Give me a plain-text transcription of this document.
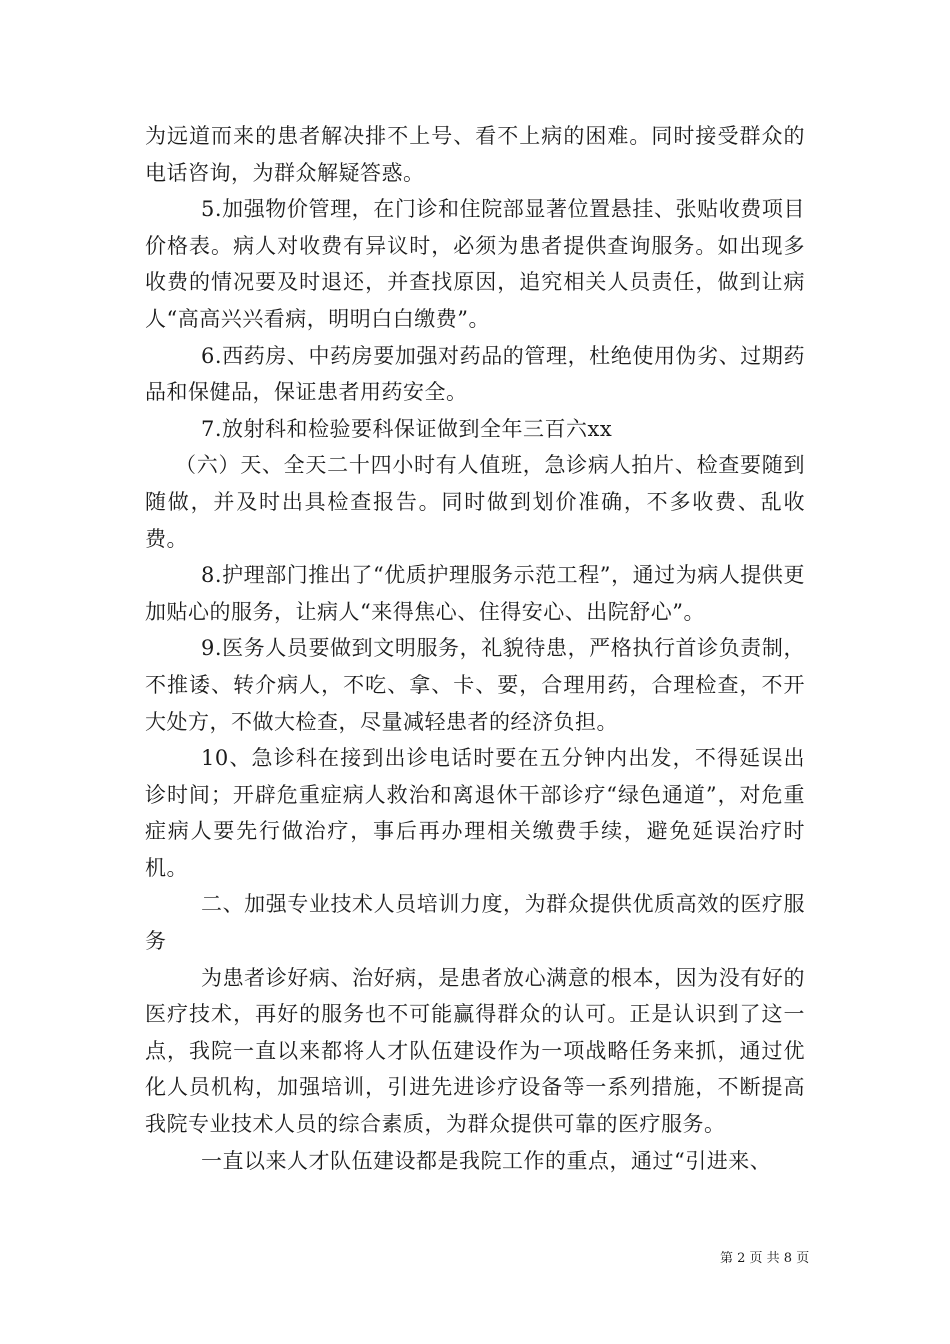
为远道而来的患者解决排不上号、看不上病的困难。同时接受群众的电话咨询，为群众解疑答惑。

5.加强物价管理，在门诊和住院部显著位置悬挂、张贴收费项目价格表。病人对收费有异议时，必须为患者提供查询服务。如出现多收费的情况要及时退还，并查找原因，追究相关人员责任，做到让病人“高高兴兴看病，明明白白缴费”。

6.西药房、中药房要加强对药品的管理，杜绝使用伪劣、过期药品和保健品，保证患者用药安全。

7.放射科和检验要科保证做到全年三百六xx

（六）天、全天二十四小时有人值班，急诊病人拍片、检查要随到随做，并及时出具检查报告。同时做到划价准确，不多收费、乱收费。

8.护理部门推出了“优质护理服务示范工程”，通过为病人提供更加贴心的服务，让病人“来得焦心、住得安心、出院舒心”。

9.医务人员要做到文明服务，礼貌待患，严格执行首诊负责制，不推诿、转介病人，不吃、拿、卡、要，合理用药，合理检查，不开大处方，不做大检查，尽量减轻患者的经济负担。

10、急诊科在接到出诊电话时要在五分钟内出发，不得延误出诊时间；开辟危重症病人救治和离退休干部诊疗“绿色通道”，对危重症病人要先行做治疗，事后再办理相关缴费手续，避免延误治疗时机。

二、加强专业技术人员培训力度，为群众提供优质高效的医疗服务

为患者诊好病、治好病，是患者放心满意的根本，因为没有好的医疗技术，再好的服务也不可能赢得群众的认可。正是认识到了这一点，我院一直以来都将人才队伍建设作为一项战略任务来抓，通过优化人员机构，加强培训，引进先进诊疗设备等一系列措施，不断提高我院专业技术人员的综合素质，为群众提供可靠的医疗服务。

一直以来人才队伍建设都是我院工作的重点，通过“引进来、

第 2 页 共 8 页
